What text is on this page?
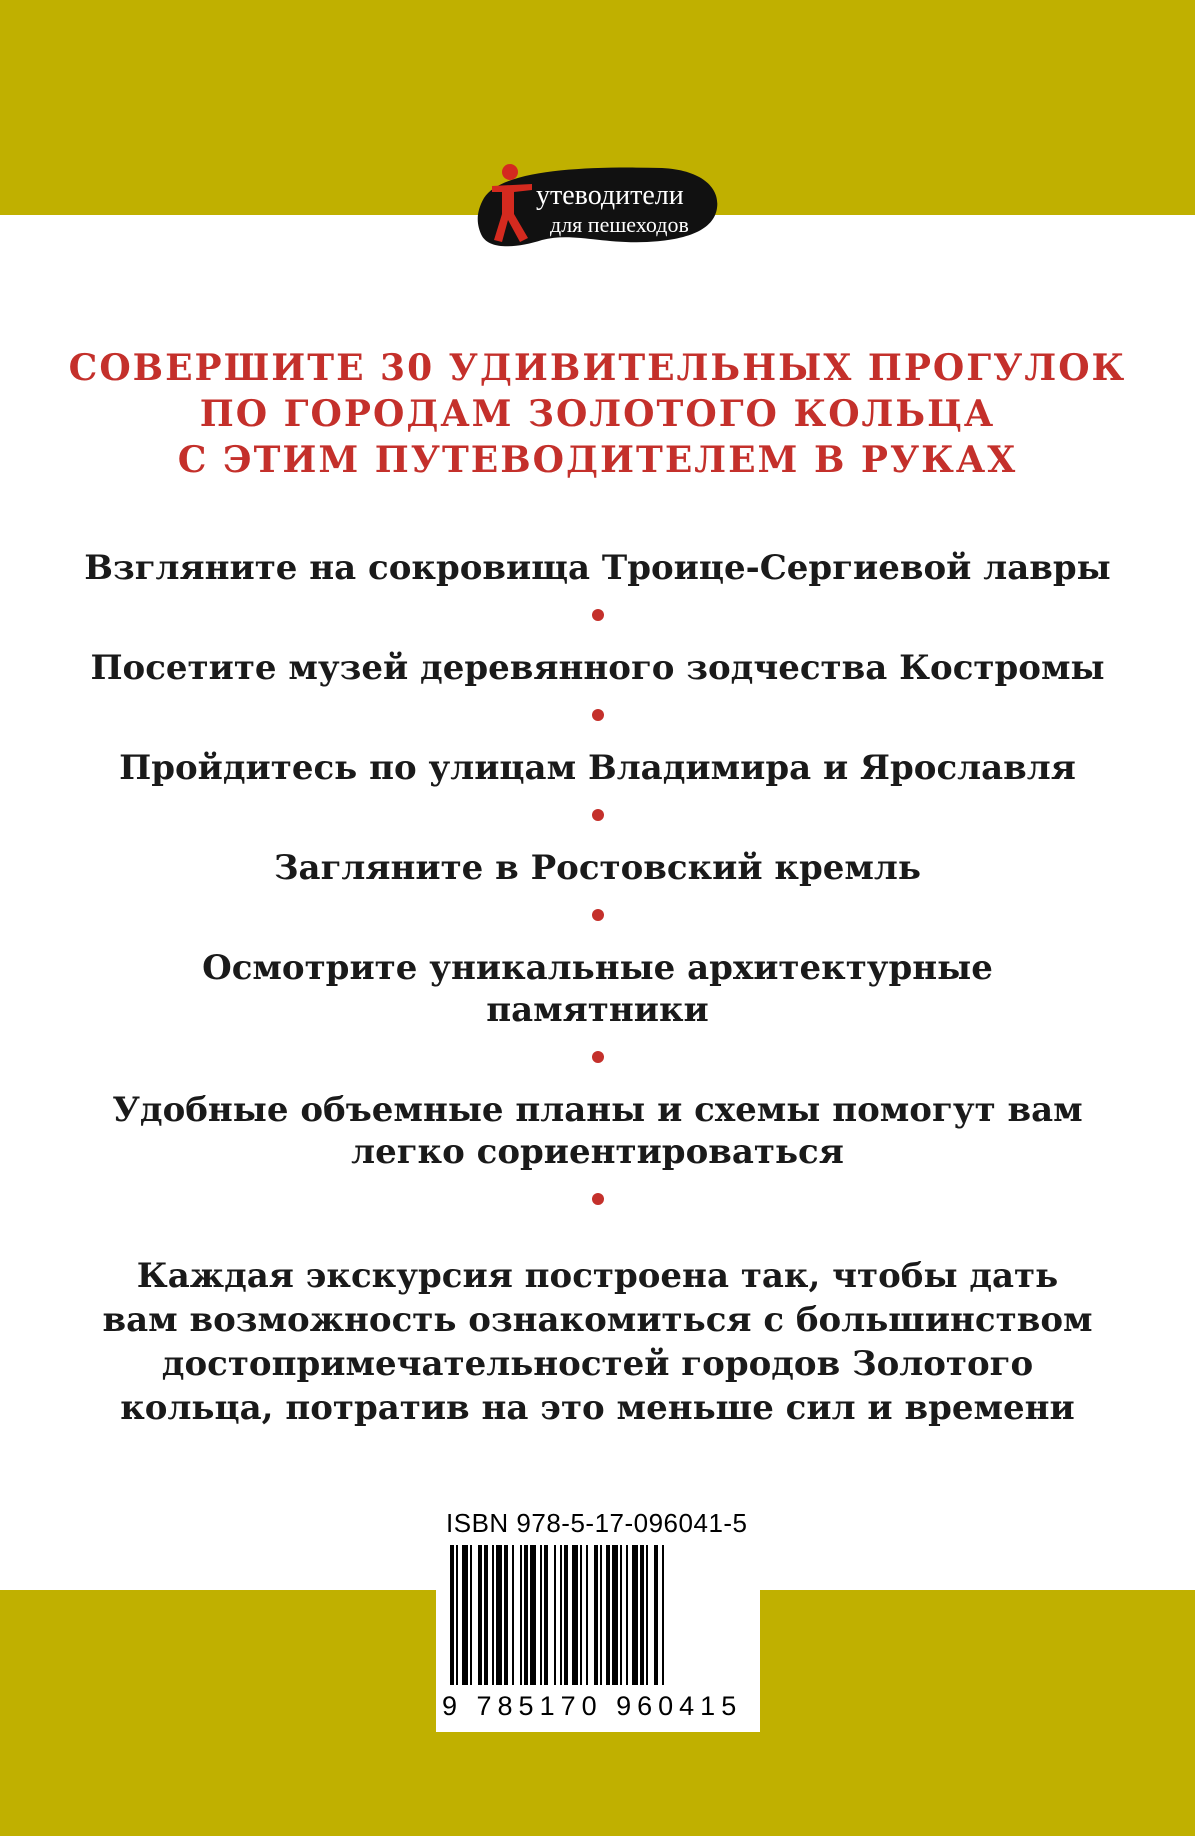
утеводители
для пешеходов
СОВЕРШИТЕ 30 УДИВИТЕЛЬНЫХ ПРОГУЛОК
ПО ГОРОДАМ ЗОЛОТОГО КОЛЬЦА
С ЭТИМ ПУТЕВОДИТЕЛЕМ В РУКАХ
Взгляните на сокровища Троице-Сергиевой лавры
Посетите музей деревянного зодчества Костромы
Пройдитесь по улицам Владимира и Ярославля
Загляните в Ростовский кремль
Осмотрите уникальные архитектурные
памятники
Удобные объемные планы и схемы помогут вам
легко сориентироваться
Каждая экскурсия построена так, чтобы дать
вам возможность ознакомиться с большинством
достопримечательностей городов Золотого
кольца, потратив на это меньше сил и времени
ISBN 978-5-17-096041-5
9 785170 960415
